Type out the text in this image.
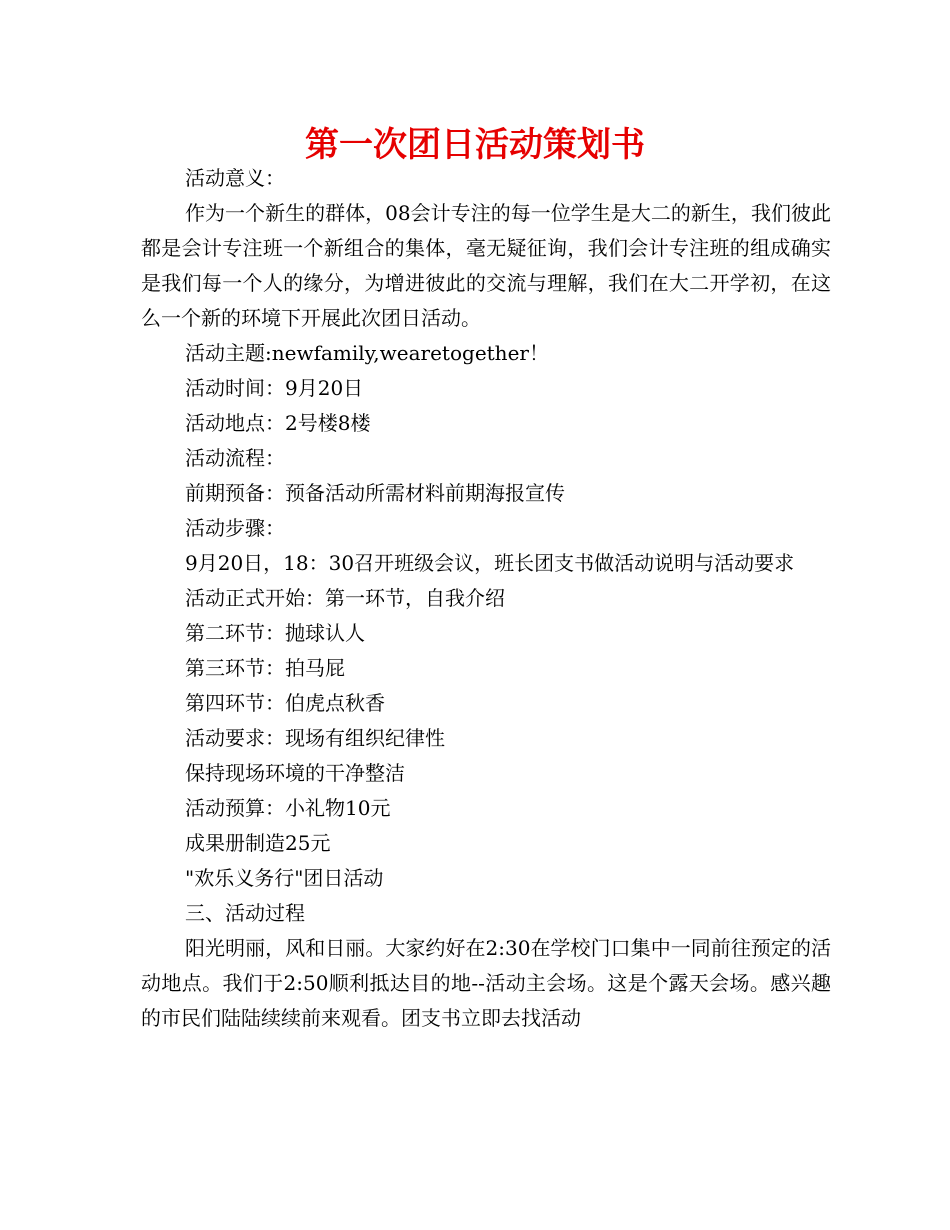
第一次团日活动策划书

活动意义：

作为一个新生的群体，08会计专注的每一位学生是大二的新生，我们彼此都是会计专注班一个新组合的集体，毫无疑征询，我们会计专注班的组成确实是我们每一个人的缘分，为增进彼此的交流与理解，我们在大二开学初，在这么一个新的环境下开展此次团日活动。

活动主题:newfamily,wearetogether！

活动时间：9月20日

活动地点：2号楼8楼

活动流程：

前期预备：预备活动所需材料前期海报宣传

活动步骤：

9月20日，18：30召开班级会议，班长团支书做活动说明与活动要求

活动正式开始：第一环节，自我介绍

第二环节：抛球认人

第三环节：拍马屁

第四环节：伯虎点秋香

活动要求：现场有组织纪律性

保持现场环境的干净整洁

活动预算：小礼物10元

成果册制造25元

"欢乐义务行"团日活动

三、活动过程

阳光明丽，风和日丽。大家约好在2:30在学校门口集中一同前往预定的活动地点。我们于2:50顺利抵达目的地--活动主会场。这是个露天会场。感兴趣的市民们陆陆续续前来观看。团支书立即去找活动
